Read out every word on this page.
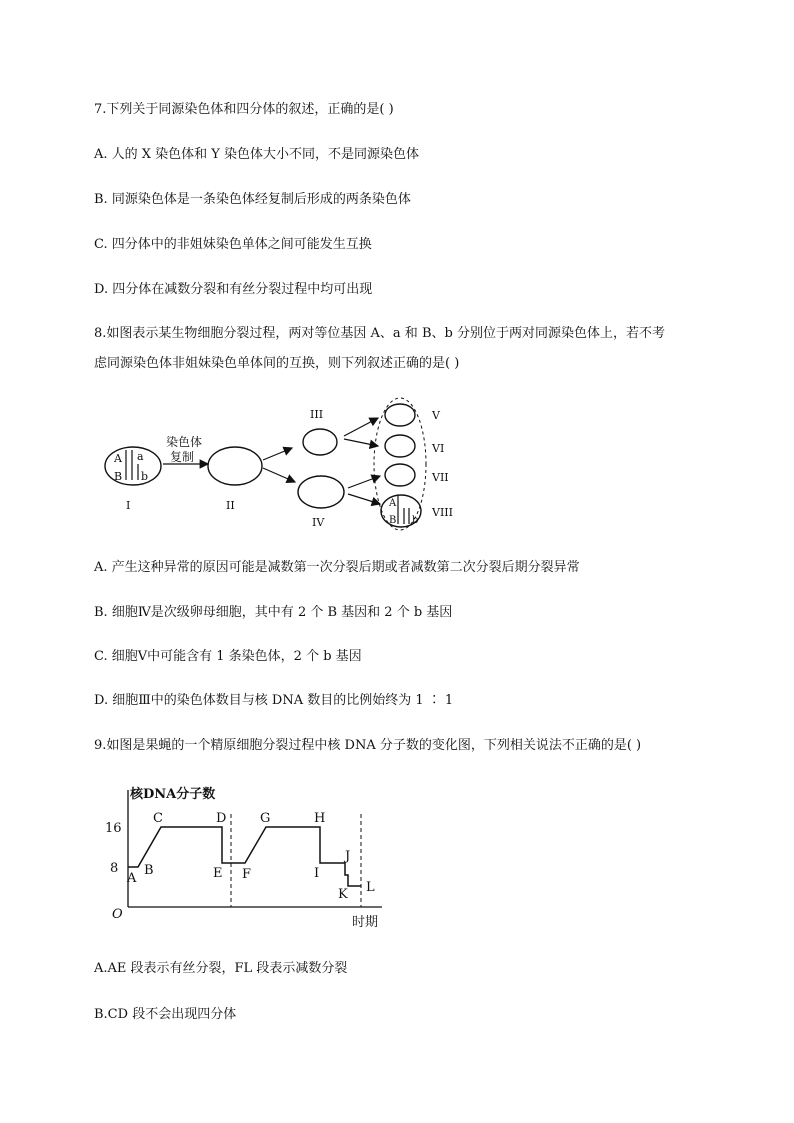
7.下列关于同源染色体和四分体的叙述，正确的是( )
A. 人的 X 染色体和 Y 染色体大小不同，不是同源染色体
B. 同源染色体是一条染色体经复制后形成的两条染色体
C. 四分体中的非姐妹染色单体之间可能发生互换
D. 四分体在减数分裂和有丝分裂过程中均可出现
8.如图表示某生物细胞分裂过程，两对等位基因 A、a 和 B、b 分别位于两对同源染色体上，若不考
虑同源染色体非姐妹染色单体间的互换，则下列叙述正确的是( )
A a
B b
I
染色体
复制
II
III
IV
V
VI
VII
A
B b
VIII
A. 产生这种异常的原因可能是减数第一次分裂后期或者减数第二次分裂后期分裂异常
B. 细胞Ⅳ是次级卵母细胞，其中有 2 个 B 基因和 2 个 b 基因
C. 细胞Ⅴ中可能含有 1 条染色体，2 个 b 基因
D. 细胞Ⅲ中的染色体数目与核 DNA 数目的比例始终为 1 ∶ 1
9.如图是果蝇的一个精原细胞分裂过程中核 DNA 分子数的变化图，下列相关说法不正确的是( )
核DNA分子数
时期
O
16
8
A
B
C	D
E F
G	H
I
J
K L
A.AE 段表示有丝分裂，FL 段表示减数分裂
B.CD 段不会出现四分体
